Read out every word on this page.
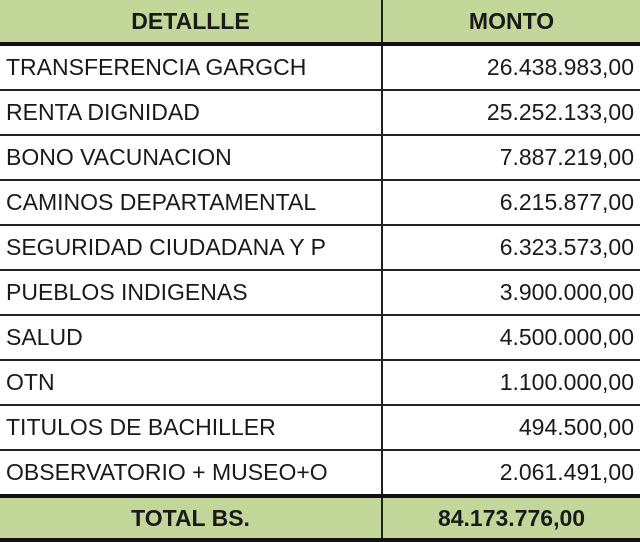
DETALLLE	MONTO
TRANSFERENCIA GARGCH	26.438.983,00
RENTA DIGNIDAD	25.252.133,00
BONO VACUNACION	7.887.219,00
CAMINOS DEPARTAMENTAL	6.215.877,00
SEGURIDAD CIUDADANA Y P	6.323.573,00
PUEBLOS INDIGENAS	3.900.000,00
SALUD	4.500.000,00
OTN	1.100.000,00
TITULOS DE BACHILLER	494.500,00
OBSERVATORIO + MUSEO+O	2.061.491,00
TOTAL BS.	84.173.776,00
